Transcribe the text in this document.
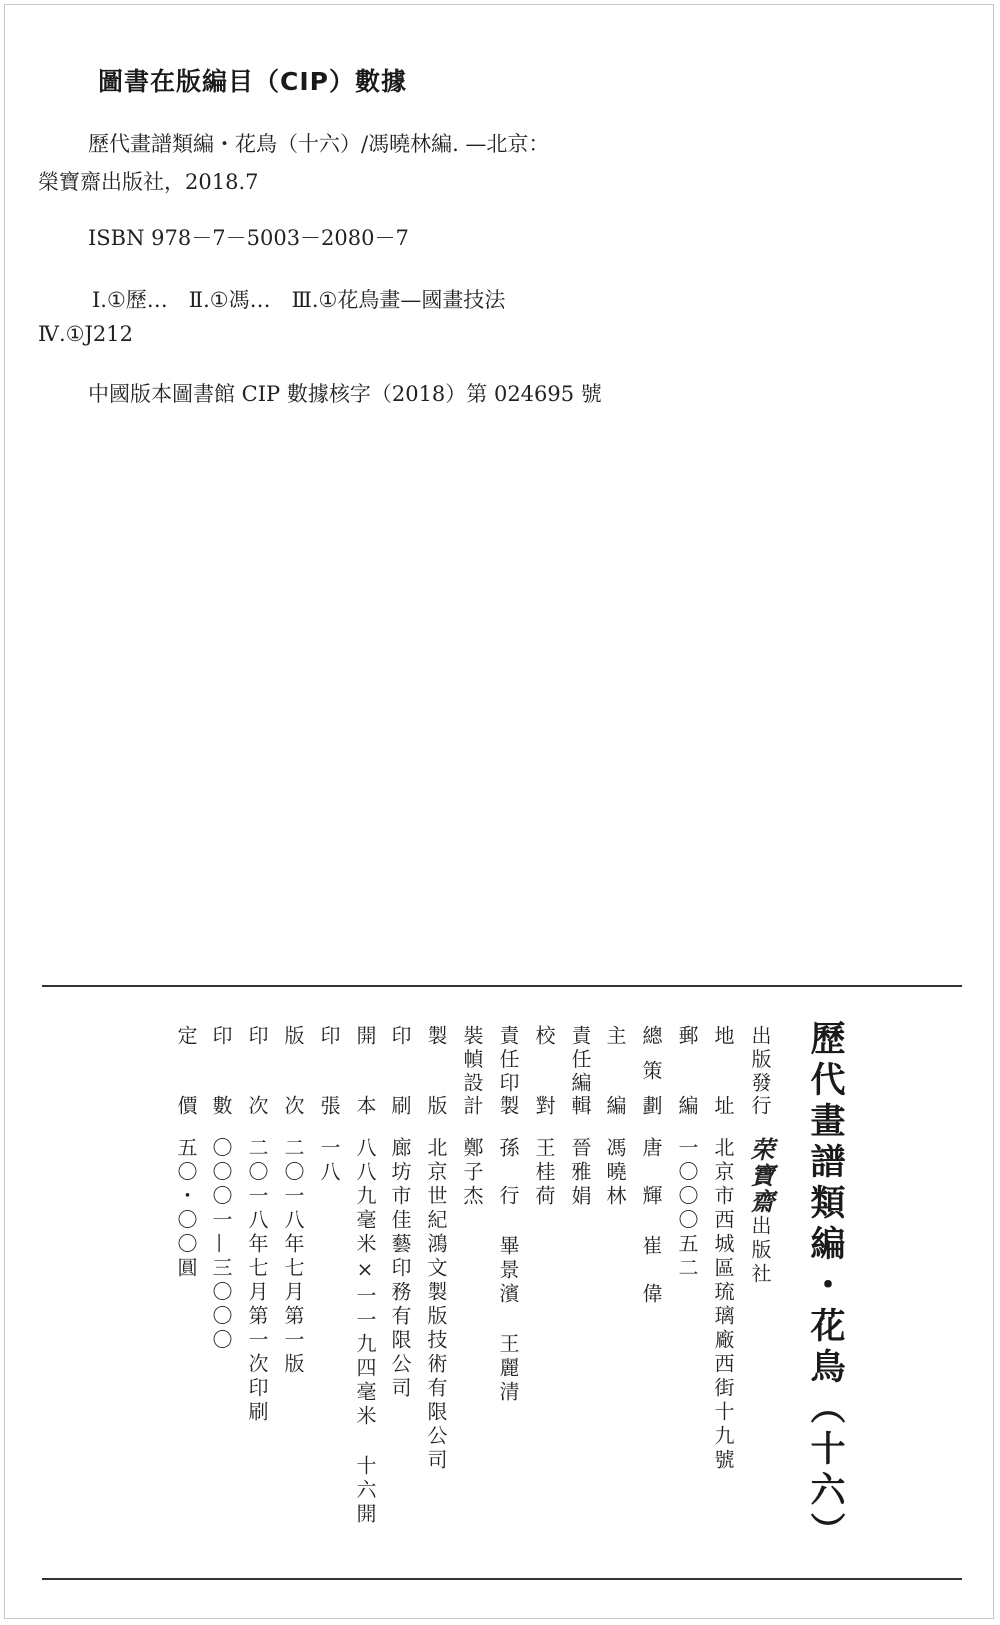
圖書在版編目（CIP）數據
歷代畫譜類編・花鳥（十六）/馮曉林編. —北京：
榮寶齋出版社，2018.7
ISBN 978－7－5003－2080－7
Ⅰ.①歷…　Ⅱ.①馮…　Ⅲ.①花鳥畫—國畫技法
Ⅳ.①J212
中國版本圖書館 CIP 數據核字（2018）第 024695 號
歷代畫譜類編・花鳥（十六）
出版發行荣寶齋出版社
地　址北京市西城區琉璃廠西街十九號
郵　編一〇〇〇五二
總策劃唐　輝崔　偉
主　編馮曉林
責任編輯晉雅娟
校　對王桂荷
責任印製孫　行畢景濱王麗清
裝幀設計鄭子杰
製　版北京世紀鴻文製版技術有限公司
印　刷廊坊市佳藝印務有限公司
開　本八八九毫米×一一九四毫米十六開
印　張一八
版　次二〇一八年七月第一版
印　次二〇一八年七月第一次印刷
印　數〇〇〇一—三〇〇〇
定　價五〇・〇〇圓
